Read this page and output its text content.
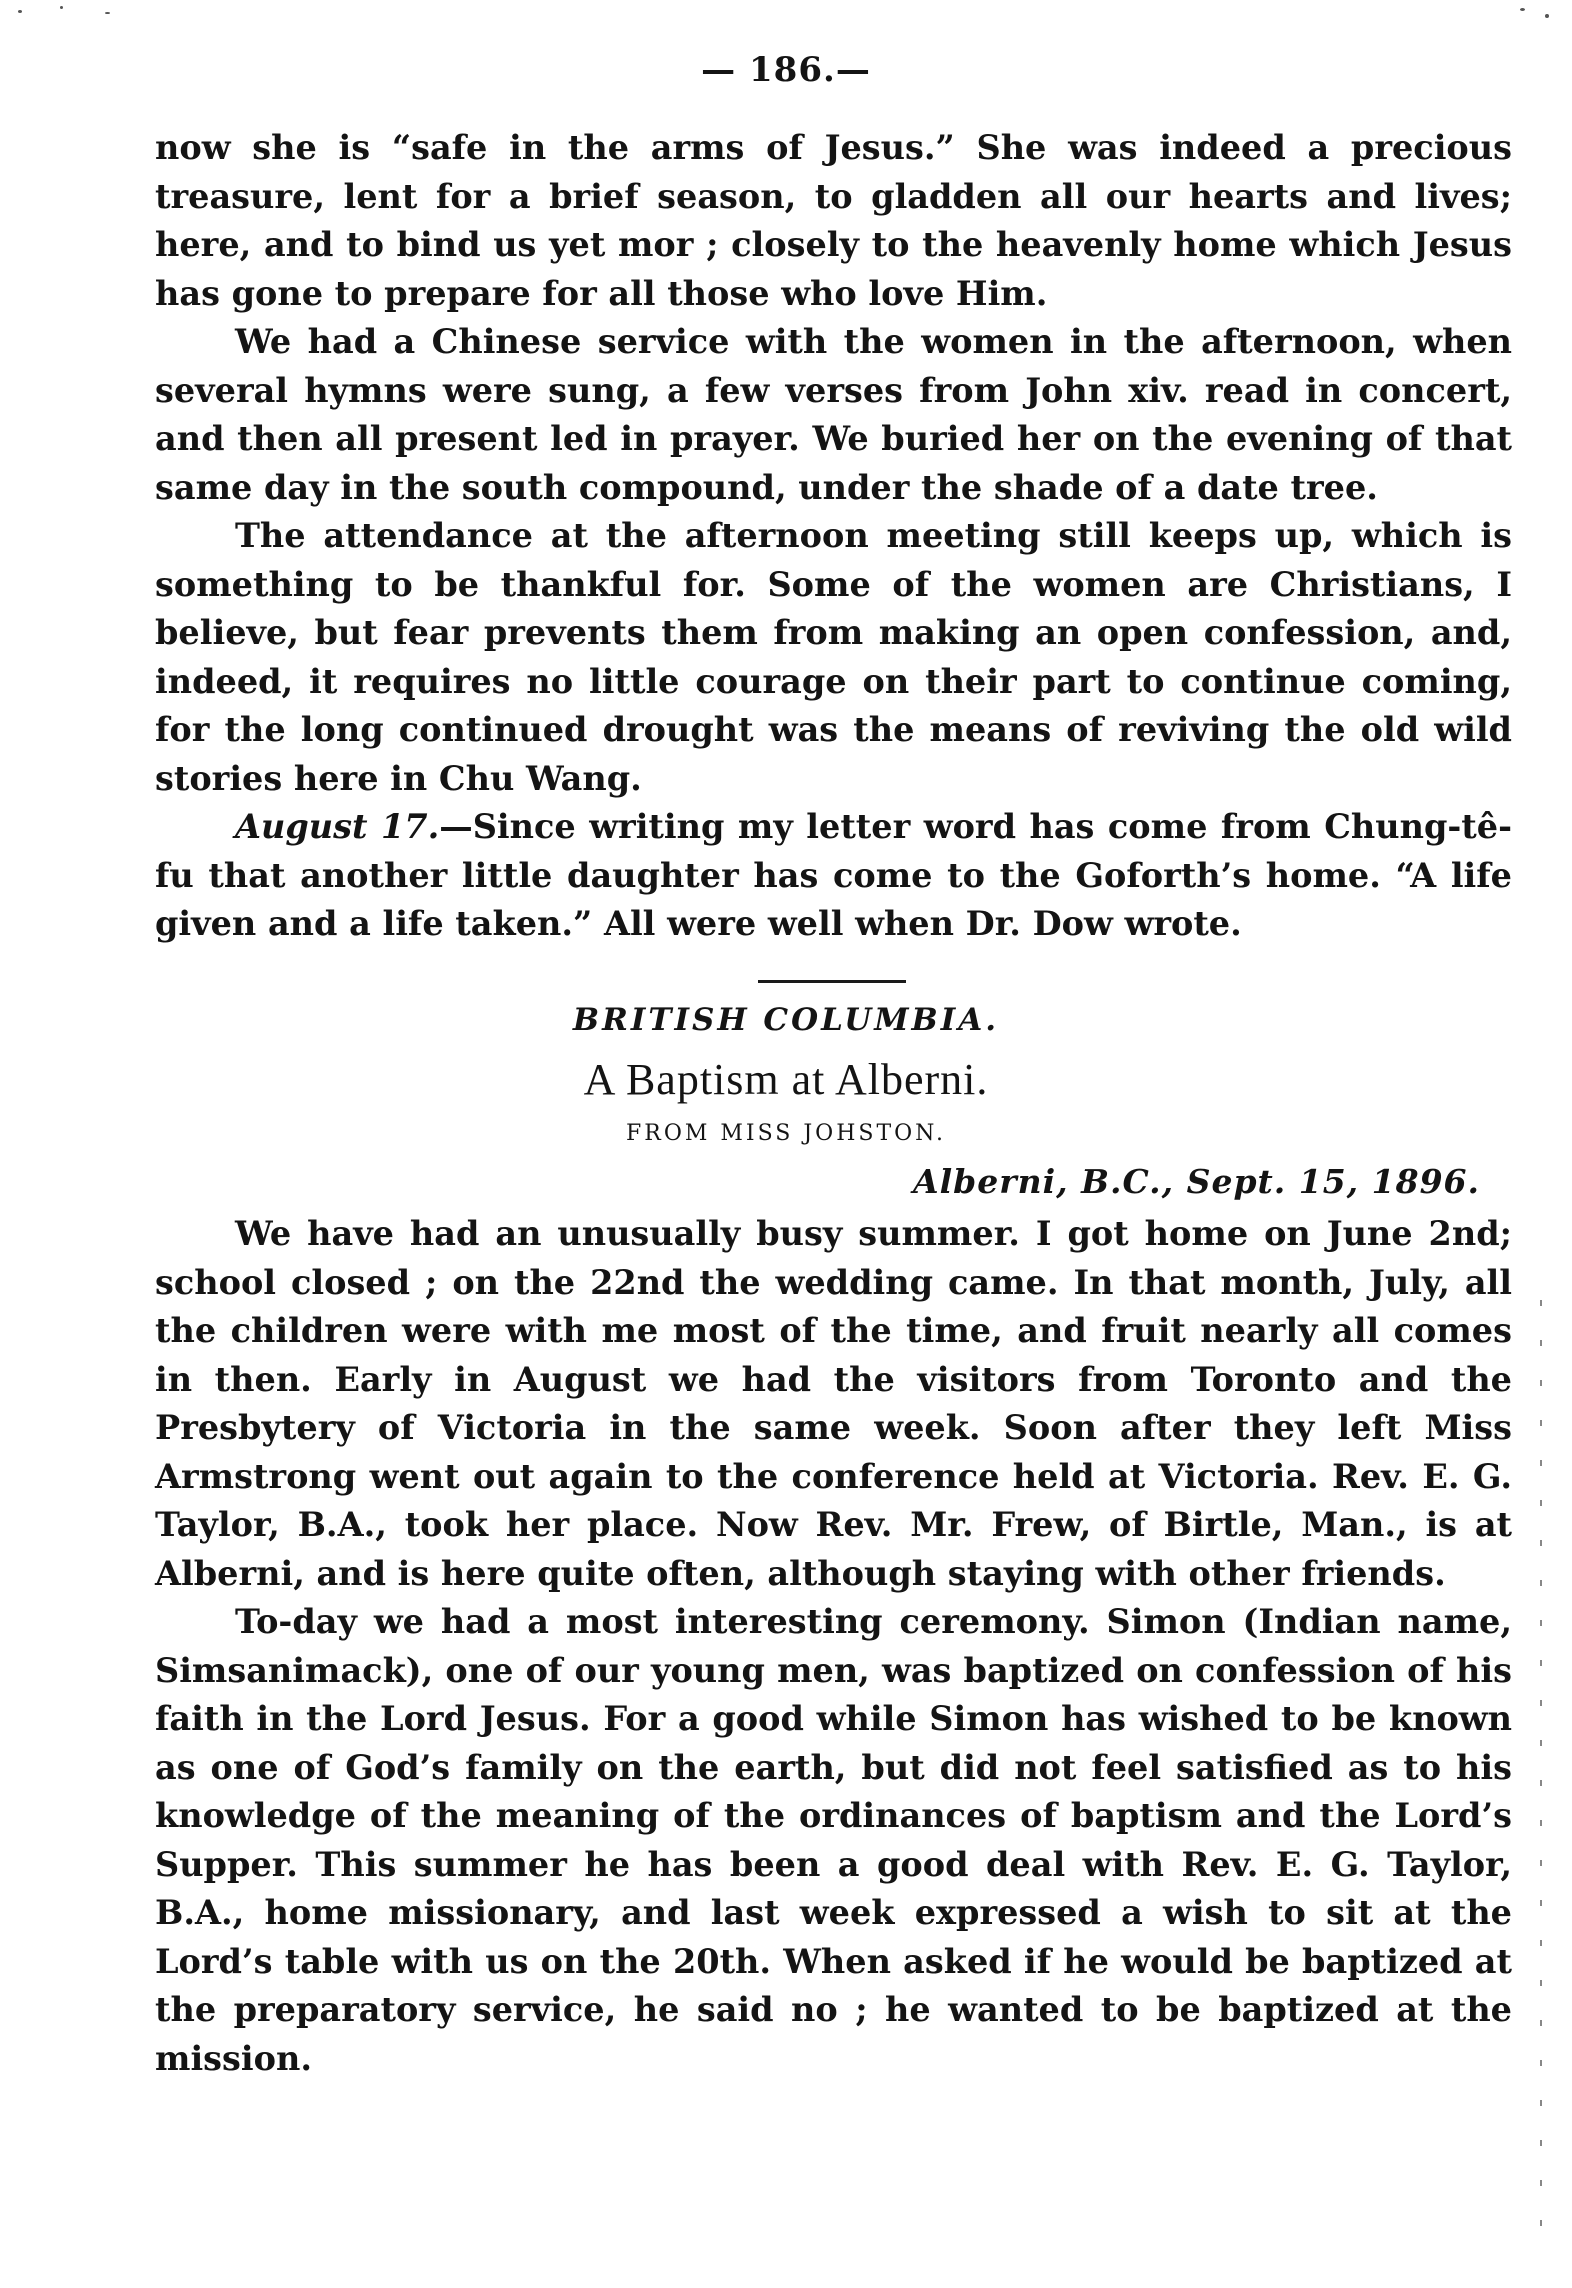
— 186.—

now she is “safe in the arms of Jesus.” She was indeed a precious treasure, lent for a brief season, to gladden all our hearts and lives; here, and to bind us yet mor ; closely to the heavenly home which Jesus has gone to prepare for all those who love Him.

We had a Chinese service with the women in the afternoon, when several hymns were sung, a few verses from John xiv. read in concert, and then all present led in prayer. We buried her on the evening of that same day in the south compound, under the shade of a date tree.

The attendance at the afternoon meeting still keeps up, which is something to be thankful for. Some of the women are Christians, I believe, but fear prevents them from making an open confession, and, indeed, it requires no little courage on their part to continue coming, for the long continued drought was the means of reviving the old wild stories here in Chu Wang.

August 17.—Since writing my letter word has come from Chung-tê-fu that another little daughter has come to the Goforth’s home. “A life given and a life taken.” All were well when Dr. Dow wrote.

BRITISH COLUMBIA.
A Baptism at Alberni.
FROM MISS JOHSTON.
Alberni, B.C., Sept. 15, 1896.

We have had an unusually busy summer. I got home on June 2nd; school closed ; on the 22nd the wedding came. In that month, July, all the children were with me most of the time, and fruit nearly all comes in then. Early in August we had the visitors from Toronto and the Presbytery of Victoria in the same week. Soon after they left Miss Armstrong went out again to the conference held at Victoria. Rev. E. G. Taylor, B.A., took her place. Now Rev. Mr. Frew, of Birtle, Man., is at Alberni, and is here quite often, although staying with other friends.

To-day we had a most interesting ceremony. Simon (Indian name, Simsanimack), one of our young men, was baptized on confession of his faith in the Lord Jesus. For a good while Simon has wished to be known as one of God’s family on the earth, but did not feel satisfied as to his knowledge of the meaning of the ordinances of baptism and the Lord’s Supper. This summer he has been a good deal with Rev. E. G. Taylor, B.A., home missionary, and last week expressed a wish to sit at the Lord’s table with us on the 20th. When asked if he would be baptized at the preparatory service, he said no ; he wanted to be baptized at the mission.
